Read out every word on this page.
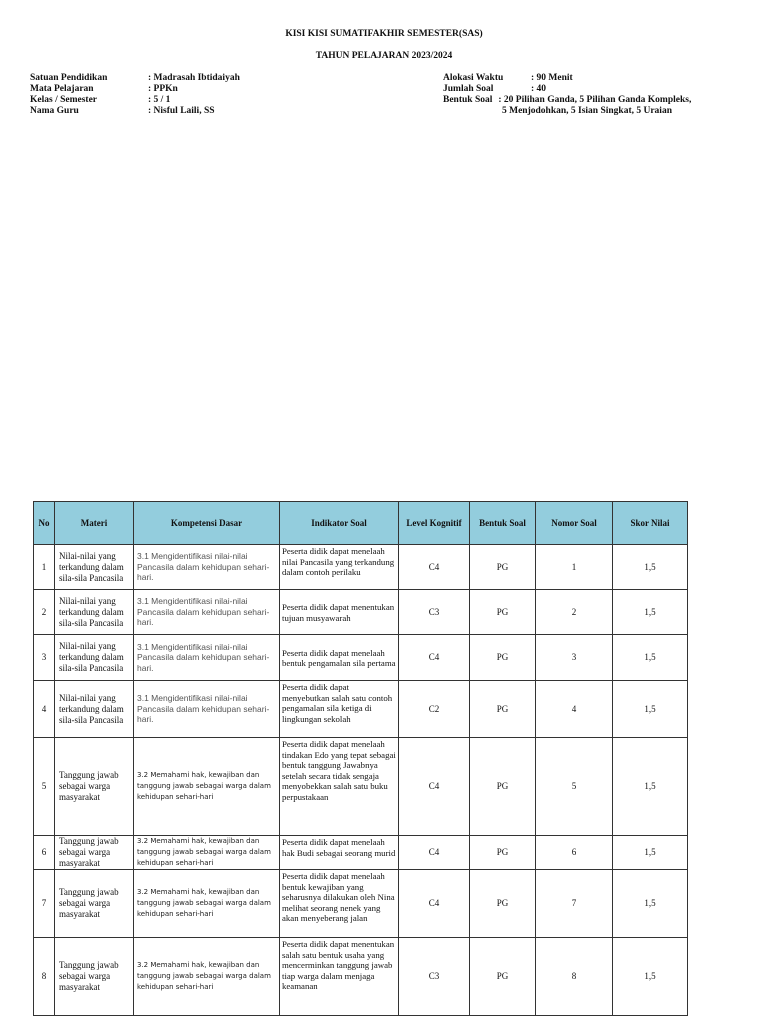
KISI KISI SUMATIFAKHIR SEMESTER(SAS)
TAHUN PELAJARAN 2023/2024
Satuan Pendidikan	: Madrasah Ibtidaiyah
Mata Pelajaran	: PPKn
Kelas / Semester	: 5 / 1
Nama Guru	: Nisful Laili, SS
Alokasi Waktu	: 90 Menit
Jumlah Soal	: 40
Bentuk Soal : 20 Pilihan Ganda, 5 Pilihan Ganda Kompleks,
5 Menjodohkan, 5 Isian Singkat, 5 Uraian
No	Materi	Kompetensi Dasar	Indikator Soal	Level Kognitif	Bentuk Soal	Nomor Soal	Skor Nilai
1	Nilai-nilai yang terkandung dalam sila-sila Pancasila	3.1 Mengidentifikasi nilai-nilai Pancasila dalam kehidupan sehari-hari.	Peserta didik dapat menelaah nilai Pancasila yang terkandung dalam contoh perilaku	C4	PG	1	1,5
2	Nilai-nilai yang terkandung dalam sila-sila Pancasila	3.1 Mengidentifikasi nilai-nilai Pancasila dalam kehidupan sehari-hari.	Peserta didik dapat menentukan tujuan musyawarah	C3	PG	2	1,5
3	Nilai-nilai yang terkandung dalam sila-sila Pancasila	3.1 Mengidentifikasi nilai-nilai Pancasila dalam kehidupan sehari-hari.	Peserta didik dapat menelaah bentuk pengamalan sila pertama	C4	PG	3	1,5
4	Nilai-nilai yang terkandung dalam sila-sila Pancasila	3.1 Mengidentifikasi nilai-nilai Pancasila dalam kehidupan sehari-hari.	Peserta didik dapat menyebutkan salah satu contoh pengamalan sila ketiga di lingkungan sekolah	C2	PG	4	1,5
5	Tanggung jawab sebagai warga masyarakat	3.2 Memahami hak, kewajiban dan tanggung jawab sebagai warga dalam kehidupan sehari-hari	Peserta didik dapat menelaah tindakan Edo yang tepat sebagai bentuk tanggung Jawabnya setelah secara tidak sengaja menyobekkan salah satu buku perpustakaan	C4	PG	5	1,5
6	Tanggung jawab sebagai warga masyarakat	3.2 Memahami hak, kewajiban dan tanggung jawab sebagai warga dalam kehidupan sehari-hari	Peserta didik dapat menelaah hak Budi sebagai seorang murid	C4	PG	6	1,5
7	Tanggung jawab sebagai warga masyarakat	3.2 Memahami hak, kewajiban dan tanggung jawab sebagai warga dalam kehidupan sehari-hari	Peserta didik dapat menelaah bentuk kewajiban yang seharusnya dilakukan oleh Nina melihat seorang nenek yang akan menyeberang jalan	C4	PG	7	1,5
8	Tanggung jawab sebagai warga masyarakat	3.2 Memahami hak, kewajiban dan tanggung jawab sebagai warga dalam kehidupan sehari-hari	Peserta didik dapat menentukan salah satu bentuk usaha yang mencerminkan tanggung jawab tiap warga dalam menjaga keamanan	C3	PG	8	1,5
